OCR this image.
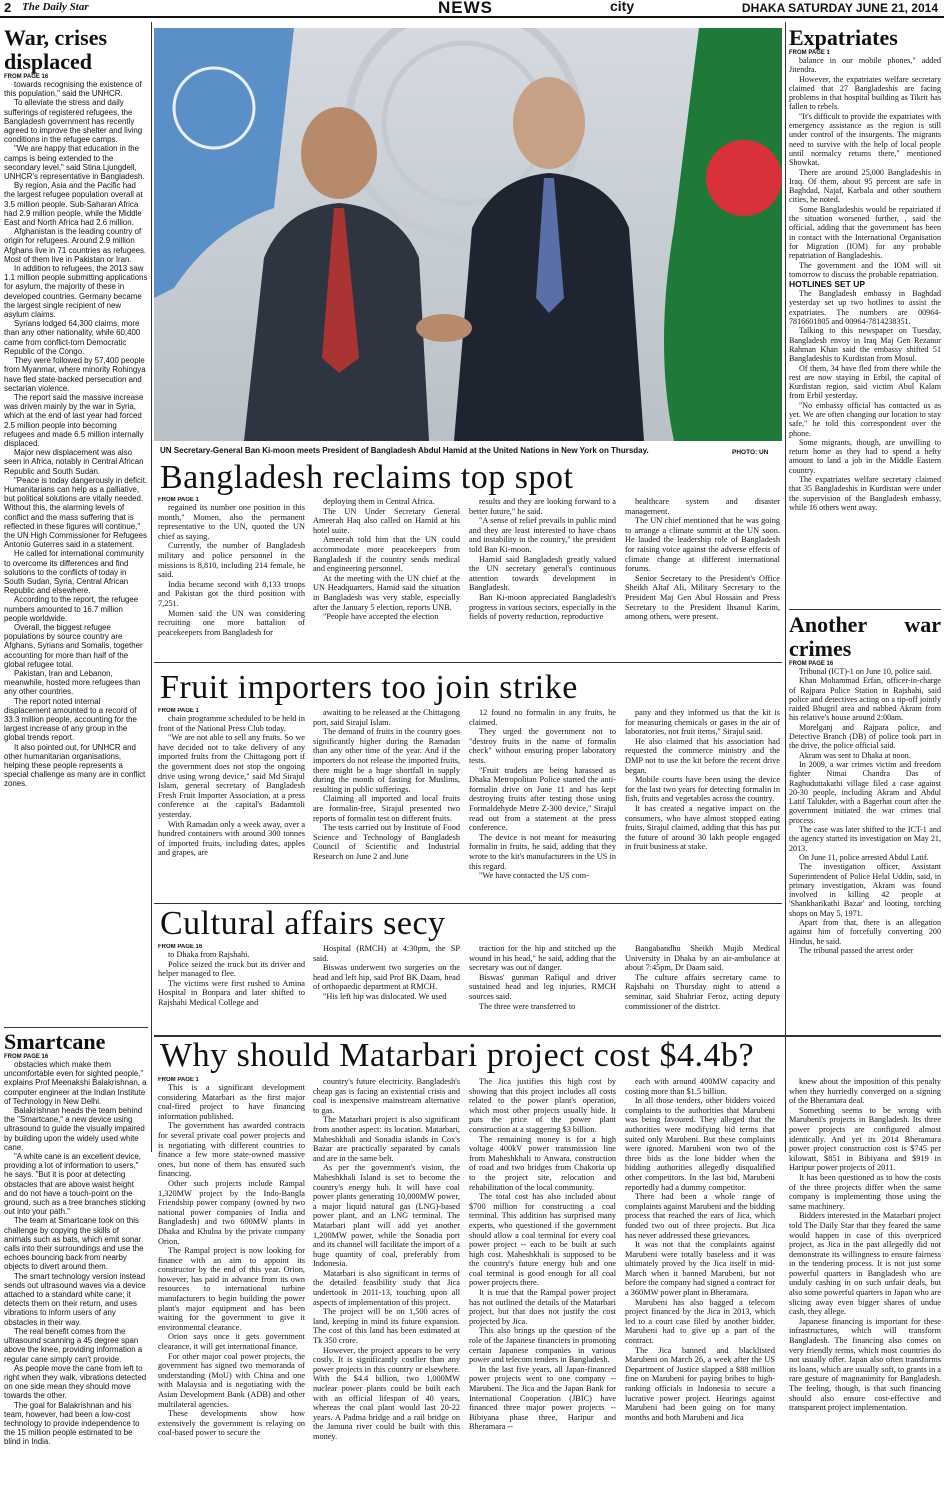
2 The Daily Star	NEWS	city	DHAKA SATURDAY JUNE 21, 2014
War, crises displaced

FROM PAGE 16

towards recognising the existence of this population," said the UNHCR.

To alleviate the stress and daily sufferings of registered refugees, the Bangladesh government has recently agreed to improve the shelter and living conditions in the refugee camps.

"We are happy that education in the camps is being extended to the secondary level," said Stina Ljungdell, UNHCR's representative in Bangladesh.

By region, Asia and the Pacific had the largest refugee population overall at 3.5 million people. Sub-Saharan Africa had 2.9 million people, while the Middle East and North Africa had 2.6 million.

Afghanistan is the leading country of origin for refugees. Around 2.9 million Afghans live in 71 countries as refugees. Most of them live in Pakistan or Iran.

In addition to refugees, the 2013 saw 1.1 million people submitting applications for asylum, the majority of these in developed countries. Germany became the largest single recipient of new asylum claims.

Syrians lodged 64,300 claims, more than any other nationality, while 60,400 came from conflict-torn Democratic Republic of the Congo.

They were followed by 57,400 people from Myanmar, where minority Rohingya have fled state-backed persecution and sectarian violence.

The report said the massive increase was driven mainly by the war in Syria, which at the end of last year had forced 2.5 million people into becoming refugees and made 6.5 million internally displaced.

Major new displacement was also seen in Africa, notably in Central African Republic and South Sudan.

"Peace is today dangerously in deficit. Humanitarians can help as a palliative, but political solutions are vitally needed. Without this, the alarming levels of conflict and the mass suffering that is reflected in these figures will continue," the UN High Commissioner for Refugees Antonio Guterres said in a statement.

He called for international community to overcome its differences and find solutions to the conflicts of today in South Sudan, Syria, Central African Republic and elsewhere.

According to the report, the refugee numbers amounted to 16.7 million people worldwide.

Overall, the biggest refugee populations by source country are Afghans, Syrians and Somalis, together accounting for more than half of the global refugee total.

Pakistan, Iran and Lebanon, meanwhile, hosted more refugees than any other countries.

The report noted internal displacement amounted to a record of 33.3 million people, accounting for the largest increase of any group in the global trends report.

It also pointed out, for UNHCR and other humanitarian organisations, helping these people represents a special challenge as many are in conflict zones.

Smartcane

FROM PAGE 16

obstacles which make them uncomfortable even for sighted people," explains Prof Meenakshi Balakrishnan, a computer engineer at the Indian Institute of Technology in New Delhi.

Balakrishnan heads the team behind the "Smartcane," a new device using ultrasound to guide the visually impaired by building upon the widely used white cane.

"A white cane is an excellent device, providing a lot of information to users," he says. "But it is poor at detecting obstacles that are above waist height and do not have a touch-point on the ground, such as a tree branches sticking out into your path."

The team at Smartcane took on this challenge by copying the skills of animals such as bats, which emit sonar calls into their surroundings and use the echoes bouncing back from nearby objects to divert around them.

The smart technology version instead sends out ultrasound waves via a device attached to a standard white cane; it detects them on their return, and uses vibrations to inform users of any obstacles in their way.

The real benefit comes from the ultrasound scanning a 45 degree span above the knee, providing information a regular cane simply can't provide.

As people move the cane from left to right when they walk, vibrations detected on one side mean they should move towards the other.

The goal for Balakrishnan and his team, however, had been a low-cost technology to provide independence to the 15 million people estimated to be blind in India.

UN Secretary-General Ban Ki-moon meets President of Bangladesh Abdul Hamid at the United Nations in New York on Thursday.	PHOTO: UN
Bangladesh reclaims top spot

FROM PAGE 1

regained its number one position in this month," Momen, also the permanent representative to the UN, quoted the UN chief as saying.

Currently, the number of Bangladesh military and police personnel in the missions is 8,810, including 214 female, he said.

India became second with 8,133 troops and Pakistan got the third position with 7,251.

Momen said the UN was considering recruiting one more battalion of peacekeepers from Bangladesh for

deploying them in Central Africa.

The UN Under Secretary General Ameerah Haq also called on Hamid at his hotel suite.

Ameerah told him that the UN could accommodate more peacekeepers from Bangladesh if the country sends medical and engineering personnel.

At the meeting with the UN chief at the UN Headquarters, Hamid said the situation in Bangladesh was very stable, especially after the January 5 election, reports UNB.

"People have accepted the election

results and they are looking forward to a better future," he said.

"A sense of relief prevails in public mind and they are least interested to have chaos and instability in the country," the president told Ban Ki-moon.

Hamid said Bangladesh greatly valued the UN secretary general's continuous attention towards development in Bangladesh.

Ban Ki-moon appreciated Bangladesh's progress in various sectors, especially in the fields of poverty reduction, reproductive

healthcare system and disaster management.

The UN chief mentioned that he was going to arrange a climate summit at the UN soon. He lauded the leadership role of Bangladesh for raising voice against the adverse effects of climate change at different international forums.

Senior Secretary to the President's Office Sheikh Altaf Ali, Military Secretary to the President Maj Gen Abul Hossain and Press Secretary to the President Ihsanul Karim, among others, were present.

Fruit importers too join strike

FROM PAGE 1

chain programme scheduled to be held in front of the National Press Club today.

"We are not able to sell any fruits. So we have decided not to take delivery of any imported fruits from the Chittagong port if the government does not stop the ongoing drive using wrong device," said Md Sirajul Islam, general secretary of Bangladesh Fresh Fruit Importer Association, at a press conference at the capital's Badamtoli yesterday.

With Ramadan only a week away, over a hundred containers with around 300 tonnes of imported fruits, including dates, apples and grapes, are

awaiting to be released at the Chittagong port, said Sirajul Islam.

The demand of fruits in the country goes significantly higher during the Ramadan than any other time of the year. And if the importers do not release the imported fruits, there might be a huge shortfall in supply during the month of fasting for Muslims, resulting in public sufferings.

Claiming all imported and local fruits are formalin-free, Sirajul presented two reports of formalin test on different fruits.

The tests carried out by Institute of Food Science and Technology of Bangladesh Council of Scientific and Industrial Research on June 2 and June

12 found no formalin in any fruits, he claimed.

They urged the government not to "destroy fruits in the name of formalin check" without ensuring proper laboratory tests.

"Fruit traders are being harassed as Dhaka Metropolitan Police started the anti-formalin drive on June 11 and has kept destroying fruits after testing those using Formaldehyde Metre Z-300 device," Sirajul read out from a statement at the press conference.

The device is not meant for measuring formalin in fruits, he said, adding that they wrote to the kit's manufacturers in the US in this regard.

"We have contacted the US com-

pany and they informed us that the kit is for measuring chemicals or gases in the air of laboratories, not fruit items," Sirajul said.

He also claimed that his association had requested the commerce ministry and the DMP not to use the kit before the recent drive began.

Mobile courts have been using the device for the last two years for detecting formalin in fish, fruits and vegetables across the country.

It has created a negative impact on the consumers, who have almost stopped eating fruits, Sirajul claimed, adding that this has put the future of around 30 lakh people engaged in fruit business at stake.

Cultural affairs secy

FROM PAGE 16

to Dhaka from Rajshahi.

Police seized the truck but its driver and helper managed to flee.

The victims were first rushed to Amina Hospital in Bonpara and later shifted to Rajshahi Medical College and

Hospital (RMCH) at 4:30pm, the SP said.

Biswas underwent two surgeries on the head and left hip, said Prof BK Daam, head of orthopaedic department at RMCH.

"His left hip was dislocated. We used

traction for the hip and stitched up the wound in his head," he said, adding that the secretary was out of danger.

Biswas' gunman Rafiqul and driver sustained head and leg injuries, RMCH sources said.

The three were transferred to

Bangabandhu Sheikh Mujib Medical University in Dhaka by an air-ambulance at about 7:45pm, Dr Daam said.

The culture affairs secretary came to Rajshahi on Thursday night to attend a seminar, said Shahriar Feroz, acting deputy commissioner of the district.

Expatriates

FROM PAGE 1

balance in our mobile phones," added Jitendra.

However, the expatriates welfare secretary claimed that 27 Bangladeshis are facing problems in that hospital building as Tikrit has fallen to rebels.

"It's difficult to provide the expatriates with emergency assistance as the region is still under control of the insurgents. The migrants need to survive with the help of local people until normalcy returns there," mentioned Showkat.

There are around 25,000 Bangladeshis in Iraq. Of them, about 95 percent are safe in Baghdad, Najaf, Karbala and other southern cities, he noted.

Some Bangladeshis would be repatriated if the situation worsened further, , said the official, adding that the government has been in contact with the International Organisation for Migration (IOM) for any probable repatriation of Bangladeshis.

The government and the IOM will sit tomorrow to discuss the probable repatriation.

HOTLINES SET UP

The Bangladesh embassy in Baghdad yesterday set up two hotlines to assist the expatriates. The numbers are 00964-7816601805 and 00964-7814238351.

Talking to this newspaper on Tuesday, Bangladesh envoy in Iraq Maj Gen Rezanur Rahman Khan said the embassy shifted 51 Bangladeshis to Kurdistan from Mosul.

Of them, 34 have fled from there while the rest are now staying in Erbil, the capital of Kurdistan region, said victim Abul Kalam from Erbil yesterday.

"No embassy official has contacted us as yet. We are often changing our location to stay safe," he told this correspondent over the phone.

Some migrants, though, are unwilling to return home as they had to spend a hefty amount to land a job in the Middle Eastern country.

The expatriates welfare secretary claimed that 35 Bangladeshis in Kurdistan were under the supervision of the Bangladesh embassy, while 16 others went away.

Another war crimes

FROM PAGE 16

Tribunal (ICT)-1 on June 10, police said.

Khan Mohammad Erfan, officer-in-charge of Rajpara Police Station in Rajshahi, said police and detectives acting on a tip-off jointly raided Bhugril area and nabbed Akram from his relative's house around 2:00am.

Morelganj and Rajpara police, and Detective Branch (DB) of police took part in the drive, the police official said.

Akram was sent to Dhaka at noon.

In 2009, a war crimes victim and freedom fighter Nimai Chandra Das of Raghuduttakathi village filed a case against 20-30 people, including Akram and Abdul Latif Talukder, with a Bagerhat court after the government initiated the war crimes trial process.

The case was later shifted to the ICT-1 and the agency started its investigation on May 21, 2013.

On June 11, police arrested Abdul Latif.

The investigation officer, Assistant Superintendent of Police Helal Uddin, said, in primary investigation, Akram was found involved in killing 42 people at 'Shankharikathi Bazar' and looting, torching shops on May 5, 1971.

Apart from that, there is an allegation against him of forcefully converting 200 Hindus, he said.

The tribunal passed the arrest order

Why should Matarbari project cost $4.4b?

FROM PAGE 1

This is a significant development considering Matarbari as the first major coal-fired project to have financing information published.

The government has awarded contracts for several private coal power projects and is negotiating with different countries to finance a few more state-owned massive ones, but none of them has ensured such financing.

Other such projects include Rampal 1,320MW project by the Indo-Bangla Friendship power company (owned by two national power companies of India and Bangladesh) and two 600MW plants in Dhaka and Khulna by the private company Orion.

The Rampal project is now looking for finance with an aim to appoint its constructor by the end of this year. Orion, however, has paid in advance from its own resources to international turbine manufacturers to begin building the power plant's major equipment and has been waiting for the government to give it environmental clearance.

Orion says once it gets government clearance, it will get international finance.

For other major coal power projects, the government has signed two memoranda of understanding (MoU) with China and one with Malaysia and is negotiating with the Asian Development Bank (ADB) and other multilateral agencies.

These developments show how extensively the government is relaying on coal-based power to secure the

country's future electricity. Bangladesh's cheap gas is facing an existential crisis and coal is inexpensive mainstream alternative to gas.

The Matarbari project is also significant from another aspect: its location. Matarbari, Maheshkhali and Sonadia islands in Cox's Bazar are practically separated by canals and are in the same belt.

As per the government's vision, the Maheshkhali Island is set to become the country's energy hub. It will have coal power plants generating 10,000MW power, a major liquid natural gas (LNG)-based power plant, and an LNG terminal. The Matarbari plant will add yet another 1,200MW power, while the Sonadia port and its channel will facilitate the import of a huge quantity of coal, preferably from Indonesia.

Matarbari is also significant in terms of the detailed feasibility study that Jica undertook in 2011-13, touching upon all aspects of implementation of this project.

The project will be on 1,500 acres of land, keeping in mind its future expansion. The cost of this land has been estimated at Tk 350 crore.

However, the project appears to be very costly. It is significantly costlier than any power projects in this country or elsewhere. With the $4.4 billion, two 1,000MW nuclear power plants could be built each with an official lifespan of 40 years, whereas the coal plant would last 20-22 years. A Padma bridge and a rail bridge on the Jamuna river could be built with this money.

The Jica justifies this high cost by showing that this project includes all costs related to the power plant's operation, which most other projects usually hide. It puts the price of the power plant construction at a staggering $3 billion.

The remaining money is for a high voltage 400kV power transmission line from Maheshkhali to Anwara, construction of road and two bridges from Chakoria up to the project site, relocation and rehabilitation of the local community.

The total cost has also included about $700 million for constructing a coal terminal. This addition has surprised many experts, who questioned if the government should allow a coal terminal for every coal power project -- each to be built at such high cost. Maheshkhali is supposed to be the country's future energy hub and one coal terminal is good enough for all coal power projects there.

It is true that the Rampal power project has not outlined the details of the Matarbari project, but that does not justify the cost projected by Jica.

This also brings up the question of the role of the Japanese financiers in promoting certain Japanese companies in various power and telecom tenders in Bangladesh.

In the last five years, all Japan-financed power projects went to one company -- Marubeni. The Jica and the Japan Bank for International Cooperation (JBIC) have financed three major power projects -- Bibiyana phase three, Haripur and Bheramara --

each with around 400MW capacity and costing more than $1.5 billion.

In all those tenders, other bidders voiced complaints to the authorities that Marubeni was being favoured. They alleged that the authorities were modifying bid terms that suited only Marubeni. But these complaints were ignored. Marubeni won two of the three bids as the lone bidder when the bidding authorities allegedly disqualified other competitors. In the last bid, Marubeni reportedly had a dummy competitor.

There had been a whole range of complaints against Marubeni and the bidding process that reached the ears of Jica, which funded two out of three projects. But Jica has never addressed these grievances.

It was not that the complaints against Marubeni were totally baseless and it was ultimately proved by the Jica itself in mid-March when it banned Marubeni, but not before the company had signed a contract for a 360MW power plant in Bheramara.

Marubeni has also bagged a telecom project financed by the Jica in 2013, which led to a court case filed by another bidder. Marubeni had to give up a part of the contract.

The Jica banned and blacklisted Marubeni on March 26, a week after the US Department of Justice slapped a $88 million fine on Marubeni for paying bribes to high-ranking officials in Indonesia to secure a lucrative power project. Hearings against Marubeni had been going on for many months and both Marubeni and Jica

knew about the imposition of this penalty when they hurriedly converged on a signing of the Bheramara deal.

Something seems to be wrong with Marubeni's projects in Bangladesh. Its three power projects are configured almost identically. And yet its 2014 Bheramara power project construction cost is $745 per kilowatt, $851 in Bibiyana and $919 in Haripur power projects of 2011.

It has been questioned as to how the costs of the three projects differ when the same company is implementing those using the same machinery.

Bidders interested in the Matarbari project told The Daily Star that they feared the same would happen in case of this overpriced project, as Jica in the past allegedly did not demonstrate its willingness to ensure fairness in the tendering process. It is not just some powerful quarters in Bangladesh who are unduly cashing in on such unfair deals, but also some powerful quarters in Japan who are slicing away even bigger shares of undue cash, they allege.

Japanese financing is important for these infrastructures, which will transform Bangladesh. The financing also comes on very friendly terms, which most countries do not usually offer. Japan also often transforms its loans, which are usually soft, to grants in a rare gesture of magnanimity for Bangladesh. The feeling, though, is that such financing should also ensure cost-effective and transparent project implementation.
